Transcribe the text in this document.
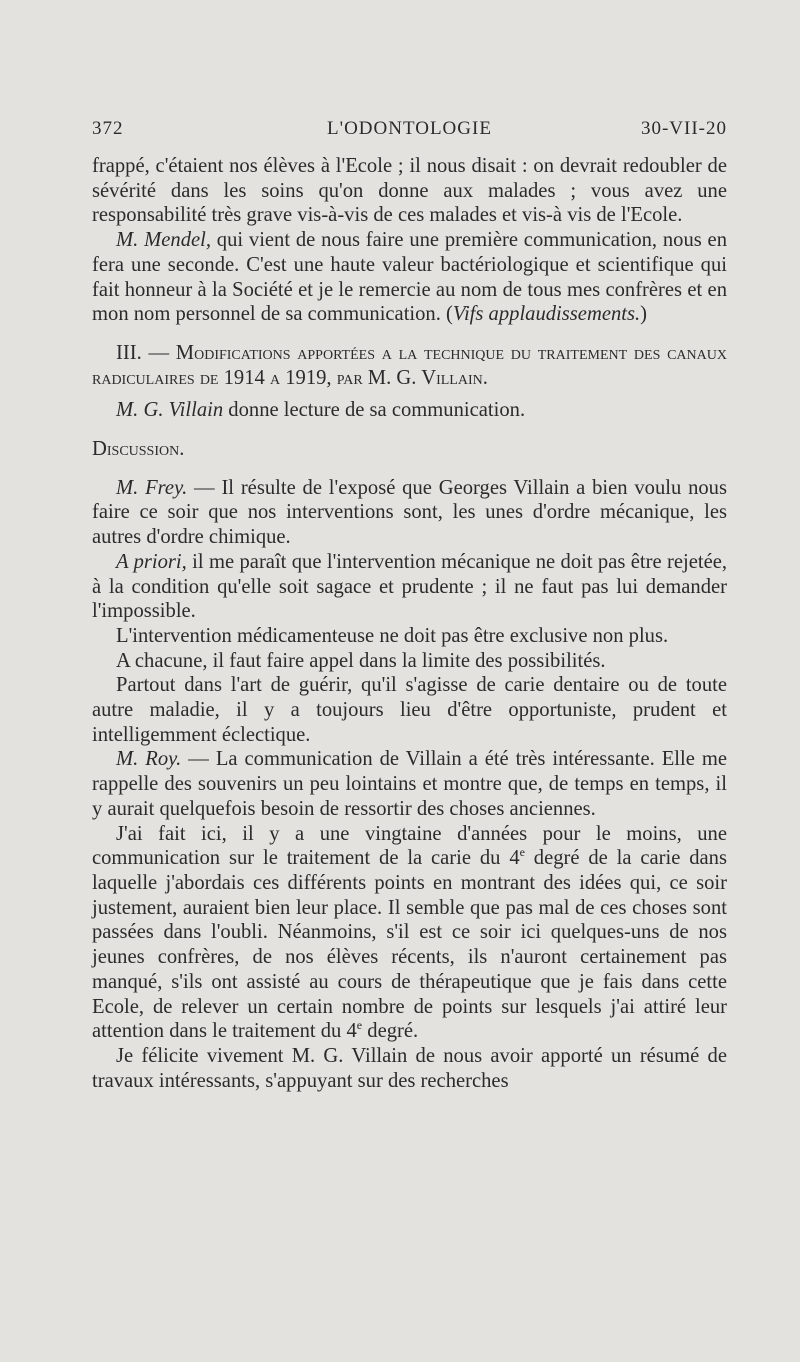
372	L'ODONTOLOGIE	30-VII-20

frappé, c'étaient nos élèves à l'Ecole ; il nous disait : on devrait redoubler de sévérité dans les soins qu'on donne aux malades ; vous avez une responsabilité très grave vis-à-vis de ces malades et vis-à vis de l'Ecole.

M. Mendel, qui vient de nous faire une première communication, nous en fera une seconde. C'est une haute valeur bactériologique et scientifique qui fait honneur à la Société et je le remercie au nom de tous mes confrères et en mon nom personnel de sa communication. (Vifs applaudissements.)

III. — Modifications apportées a la technique du traitement des canaux radiculaires de 1914 a 1919, par M. G. Villain.

M. G. Villain donne lecture de sa communication.

Discussion.

M. Frey. — Il résulte de l'exposé que Georges Villain a bien voulu nous faire ce soir que nos interventions sont, les unes d'ordre mécanique, les autres d'ordre chimique.

A priori, il me paraît que l'intervention mécanique ne doit pas être rejetée, à la condition qu'elle soit sagace et prudente ; il ne faut pas lui demander l'impossible.

L'intervention médicamenteuse ne doit pas être exclusive non plus.

A chacune, il faut faire appel dans la limite des possibilités.

Partout dans l'art de guérir, qu'il s'agisse de carie dentaire ou de toute autre maladie, il y a toujours lieu d'être opportuniste, prudent et intelligemment éclectique.

M. Roy. — La communication de Villain a été très intéressante. Elle me rappelle des souvenirs un peu lointains et montre que, de temps en temps, il y aurait quelquefois besoin de ressortir des choses anciennes.

J'ai fait ici, il y a une vingtaine d'années pour le moins, une communication sur le traitement de la carie du 4e degré de la carie dans laquelle j'abordais ces différents points en montrant des idées qui, ce soir justement, auraient bien leur place. Il semble que pas mal de ces choses sont passées dans l'oubli. Néanmoins, s'il est ce soir ici quelques-uns de nos jeunes confrères, de nos élèves récents, ils n'auront certainement pas manqué, s'ils ont assisté au cours de thérapeutique que je fais dans cette Ecole, de relever un certain nombre de points sur lesquels j'ai attiré leur attention dans le traitement du 4e degré.

Je félicite vivement M. G. Villain de nous avoir apporté un résumé de travaux intéressants, s'appuyant sur des recherches
